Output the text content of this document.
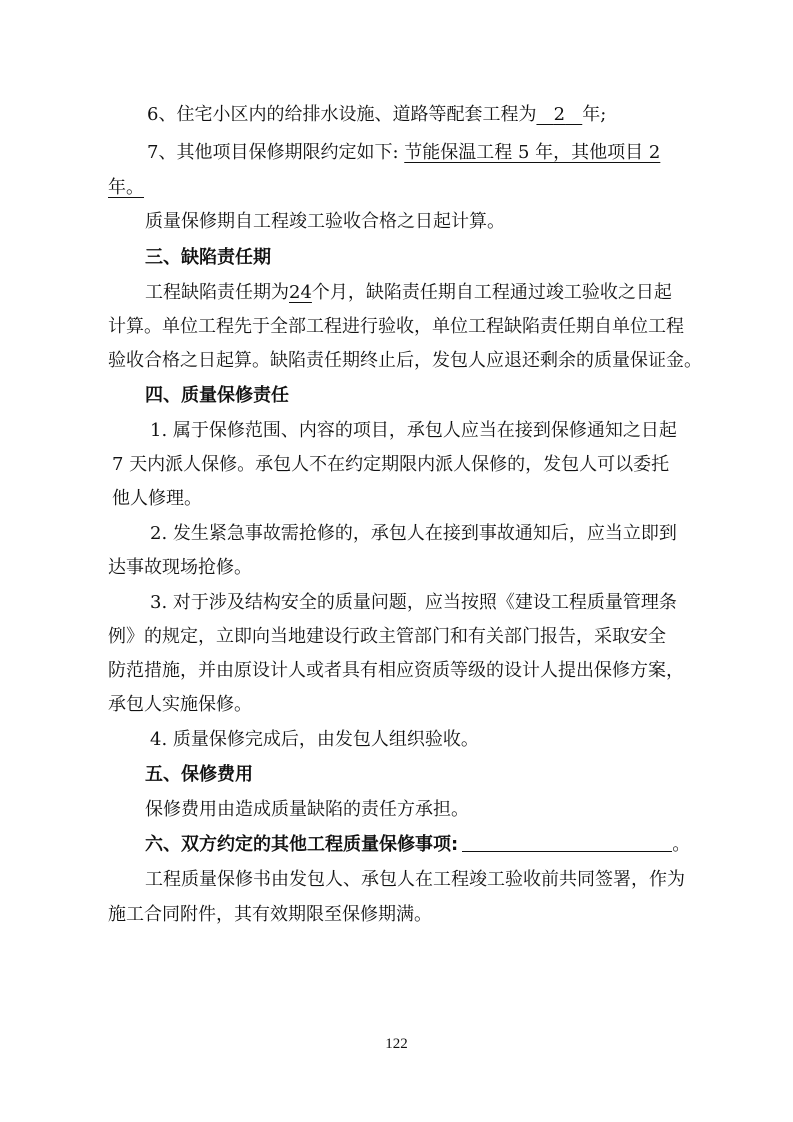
6、住宅小区内的给排水设施、道路等配套工程为 2 年;
7、其他项目保修期限约定如下: 节能保温工程 5 年，其他项目 2
年。
质量保修期自工程竣工验收合格之日起计算。
三、缺陷责任期
工程缺陷责任期为24个月，缺陷责任期自工程通过竣工验收之日起
计算。单位工程先于全部工程进行验收，单位工程缺陷责任期自单位工程
验收合格之日起算。缺陷责任期终止后，发包人应退还剩余的质量保证金。
四、质量保修责任
1. 属于保修范围、内容的项目，承包人应当在接到保修通知之日起
7 天内派人保修。承包人不在约定期限内派人保修的，发包人可以委托
他人修理。
2. 发生紧急事故需抢修的，承包人在接到事故通知后，应当立即到
达事故现场抢修。
3. 对于涉及结构安全的质量问题，应当按照《建设工程质量管理条
例》的规定，立即向当地建设行政主管部门和有关部门报告，采取安全
防范措施，并由原设计人或者具有相应资质等级的设计人提出保修方案，
承包人实施保修。
4. 质量保修完成后，由发包人组织验收。
五、保修费用
保修费用由造成质量缺陷的责任方承担。
六、双方约定的其他工程质量保修事项:	。
工程质量保修书由发包人、承包人在工程竣工验收前共同签署，作为
施工合同附件，其有效期限至保修期满。
122
